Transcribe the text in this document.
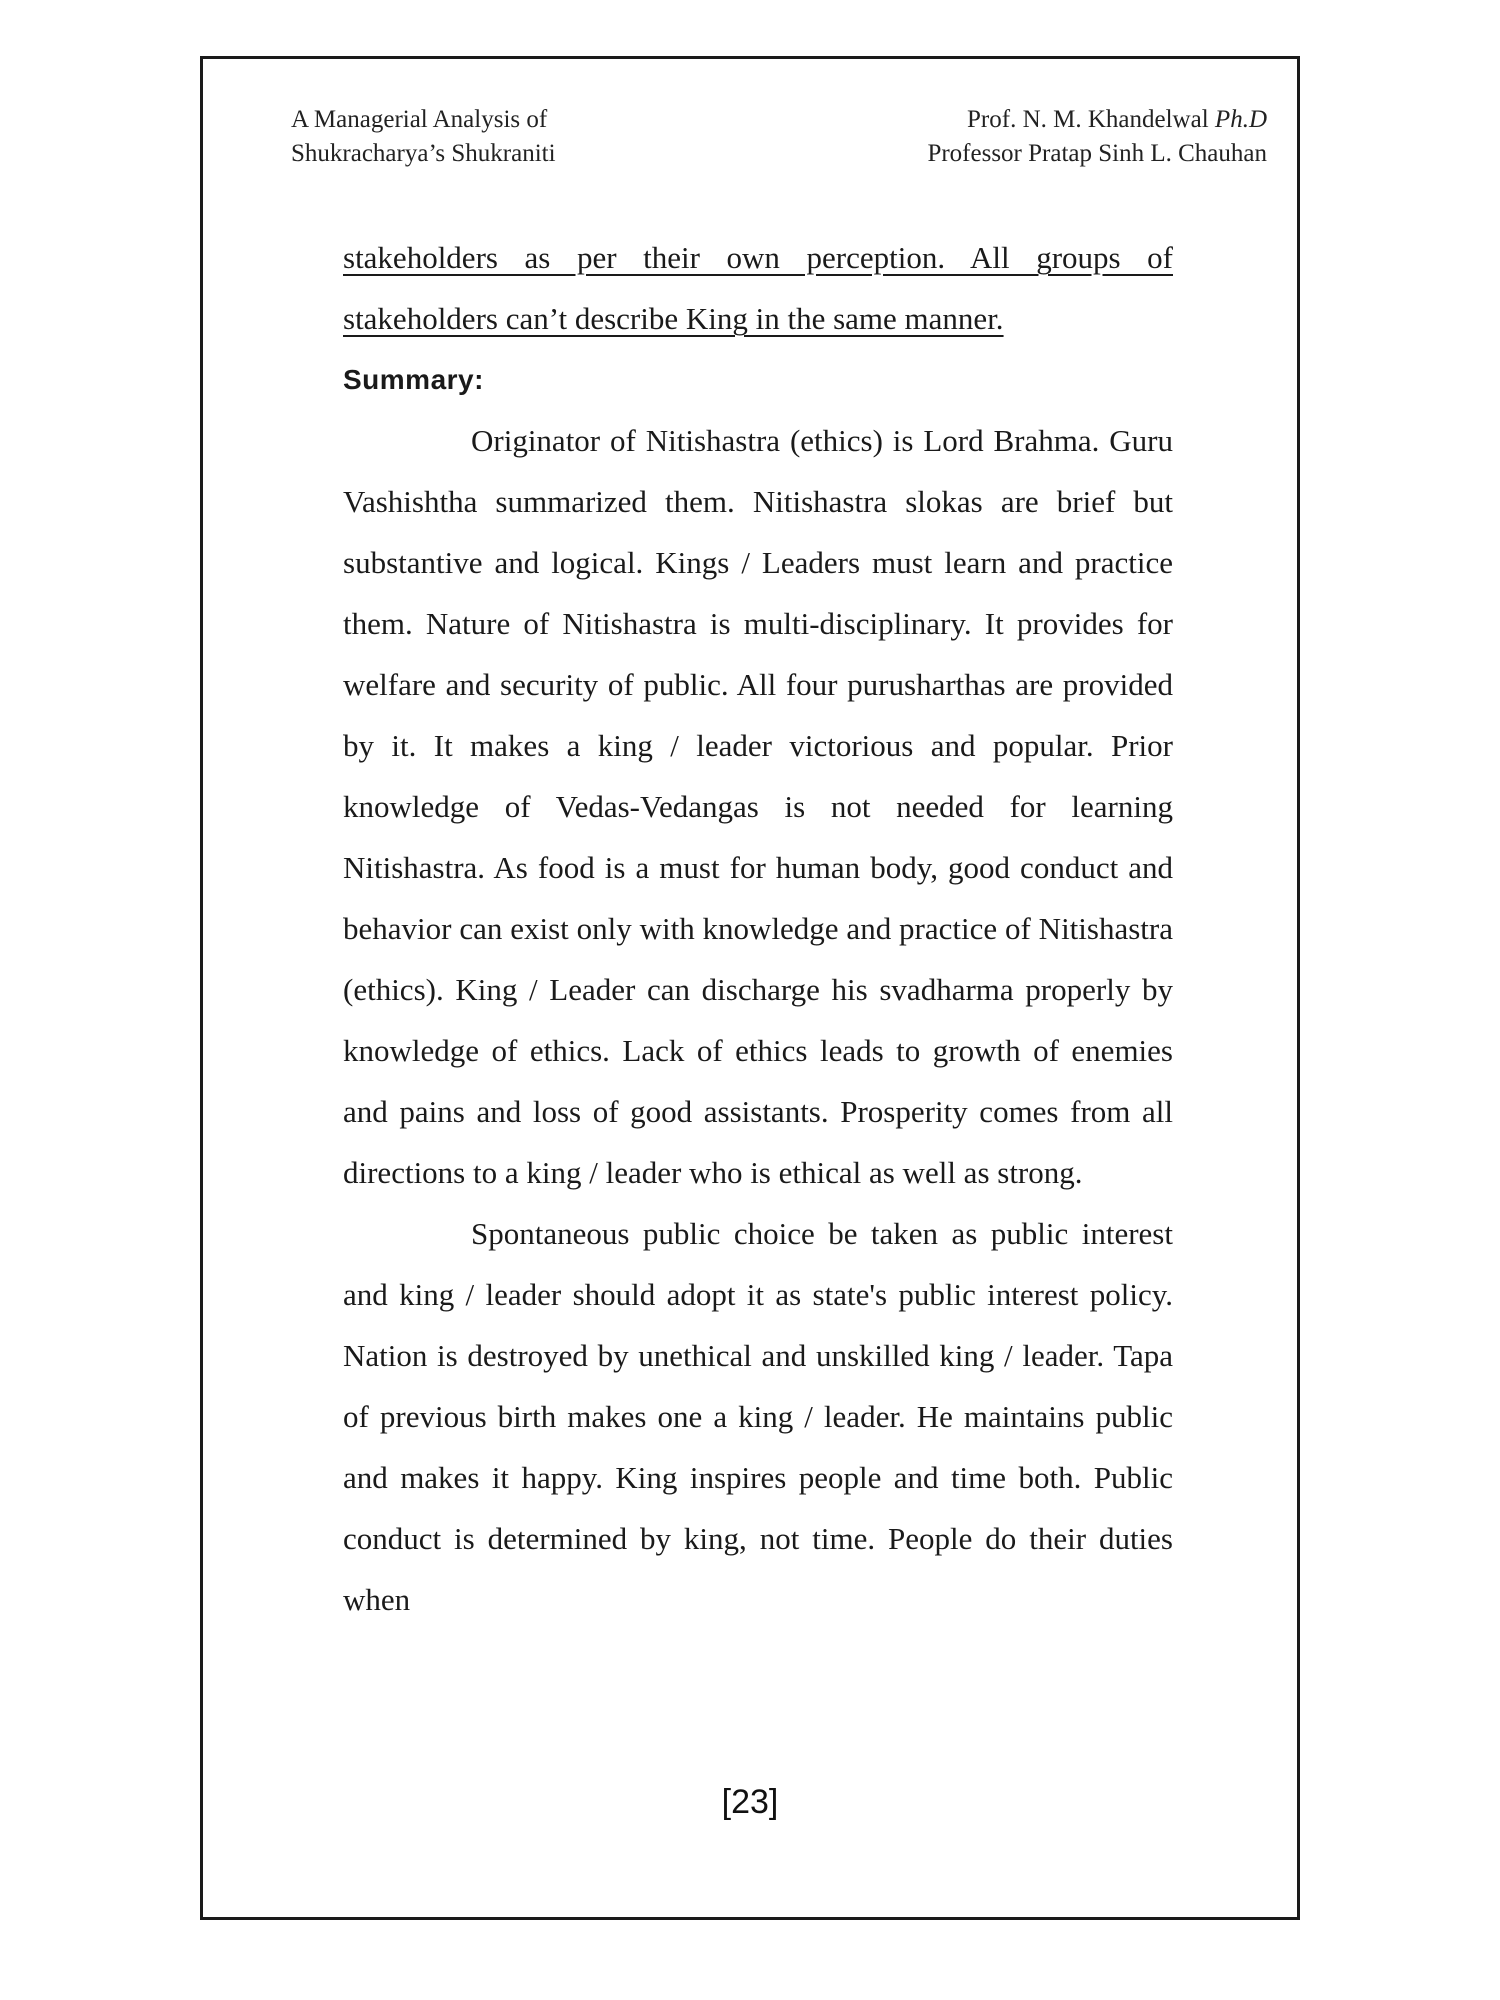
A Managerial Analysis of
Shukracharya’s Shukraniti
Prof. N. M. Khandelwal Ph.D
Professor Pratap Sinh L. Chauhan

stakeholders as per their own perception. All groups of stakeholders can’t describe King in the same manner.

Summary:

Originator of Nitishastra (ethics) is Lord Brahma. Guru Vashishtha summarized them. Nitishastra slokas are brief but substantive and logical. Kings / Leaders must learn and practice them. Nature of Nitishastra is multi-disciplinary. It provides for welfare and security of public. All four purusharthas are provided by it. It makes a king / leader victorious and popular. Prior knowledge of Vedas-Vedangas is not needed for learning Nitishastra. As food is a must for human body, good conduct and behavior can exist only with knowledge and practice of Nitishastra (ethics). King / Leader can discharge his svadharma properly by knowledge of ethics. Lack of ethics leads to growth of enemies and pains and loss of good assistants. Prosperity comes from all directions to a king / leader who is ethical as well as strong.

Spontaneous public choice be taken as public interest and king / leader should adopt it as state's public interest policy. Nation is destroyed by unethical and unskilled king / leader. Tapa of previous birth makes one a king / leader. He maintains public and makes it happy. King inspires people and time both. Public conduct is determined by king, not time. People do their duties when

[23]
